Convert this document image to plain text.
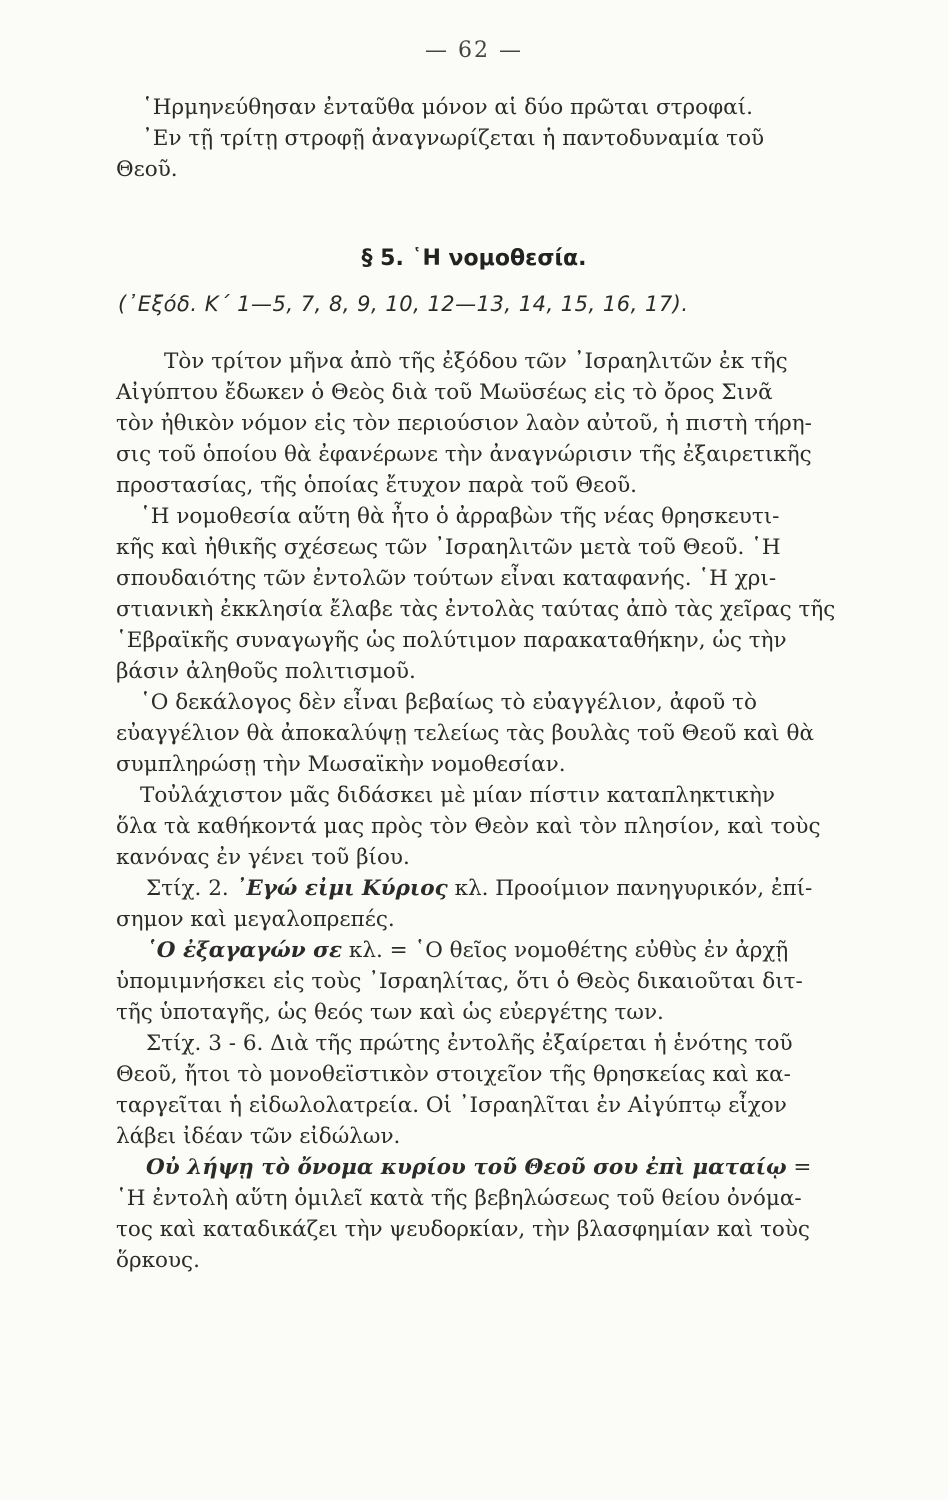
— 62 —
῾Ηρμηνεύθησαν ἐνταῦθα μόνον αἱ δύο πρῶται στροφαί.
᾿Εν τῇ τρίτῃ στροφῇ ἀναγνωρίζεται ἡ παντοδυναμία τοῦ
Θεοῦ.
§ 5. ῾Η νομοθεσία.
(᾿Εξόδ. Κ΄ 1—5, 7, 8, 9, 10, 12—13, 14, 15, 16, 17).
Τὸν τρίτον μῆνα ἀπὸ τῆς ἐξόδου τῶν ᾿Ισραηλιτῶν ἐκ τῆς
Αἰγύπτου ἔδωκεν ὁ Θεὸς διὰ τοῦ Μωϋσέως εἰς τὸ ὄρος Σινᾶ
τὸν ἠθικὸν νόμον εἰς τὸν περιούσιον λαὸν αὐτοῦ, ἡ πιστὴ τήρη-
σις τοῦ ὁποίου θὰ ἐφανέρωνε τὴν ἀναγνώρισιν τῆς ἐξαιρετικῆς
προστασίας, τῆς ὁποίας ἔτυχον παρὰ τοῦ Θεοῦ.
῾Η νομοθεσία αὕτη θὰ ἦτο ὁ ἀρραβὼν τῆς νέας θρησκευτι-
κῆς καὶ ἠθικῆς σχέσεως τῶν ᾿Ισραηλιτῶν μετὰ τοῦ Θεοῦ. ῾Η
σπουδαιότης τῶν ἐντολῶν τούτων εἶναι καταφανής. ῾Η χρι-
στιανικὴ ἐκκλησία ἔλαβε τὰς ἐντολὰς ταύτας ἀπὸ τὰς χεῖρας τῆς
῾Εβραϊκῆς συναγωγῆς ὡς πολύτιμον παρακαταθήκην, ὡς τὴν
βάσιν ἀληθοῦς πολιτισμοῦ.
῾Ο δεκάλογος δὲν εἶναι βεβαίως τὸ εὐαγγέλιον, ἀφοῦ τὸ
εὐαγγέλιον θὰ ἀποκαλύψῃ τελείως τὰς βουλὰς τοῦ Θεοῦ καὶ θὰ
συμπληρώσῃ τὴν Μωσαϊκὴν νομοθεσίαν.
Τοὐλάχιστον μᾶς διδάσκει μὲ μίαν πίστιν καταπληκτικὴν
ὅλα τὰ καθήκοντά μας πρὸς τὸν Θεὸν καὶ τὸν πλησίον, καὶ τοὺς
κανόνας ἐν γένει τοῦ βίου.
Στίχ. 2. ᾿Εγώ εἰμι Κύριος κλ. Προοίμιον πανηγυρικόν, ἐπί-
σημον καὶ μεγαλοπρεπές.
῾Ο ἐξαγαγών σε κλ. = ῾Ο θεῖος νομοθέτης εὐθὺς ἐν ἀρχῇ
ὑπομιμνήσκει εἰς τοὺς ᾿Ισραηλίτας, ὅτι ὁ Θεὸς δικαιοῦται διτ-
τῆς ὑποταγῆς, ὡς θεός των καὶ ὡς εὐεργέτης των.
Στίχ. 3 - 6. Διὰ τῆς πρώτης ἐντολῆς ἐξαίρεται ἡ ἑνότης τοῦ
Θεοῦ, ἤτοι τὸ μονοθεϊστικὸν στοιχεῖον τῆς θρησκείας καὶ κα-
ταργεῖται ἡ εἰδωλολατρεία. Οἱ ᾿Ισραηλῖται ἐν Αἰγύπτῳ εἶχον
λάβει ἰδέαν τῶν εἰδώλων.
Οὐ λήψῃ τὸ ὄνομα κυρίου τοῦ Θεοῦ σου ἐπὶ ματαίῳ =
῾Η ἐντολὴ αὕτη ὁμιλεῖ κατὰ τῆς βεβηλώσεως τοῦ θείου ὀνόμα-
τος καὶ καταδικάζει τὴν ψευδορκίαν, τὴν βλασφημίαν καὶ τοὺς
ὅρκους.
